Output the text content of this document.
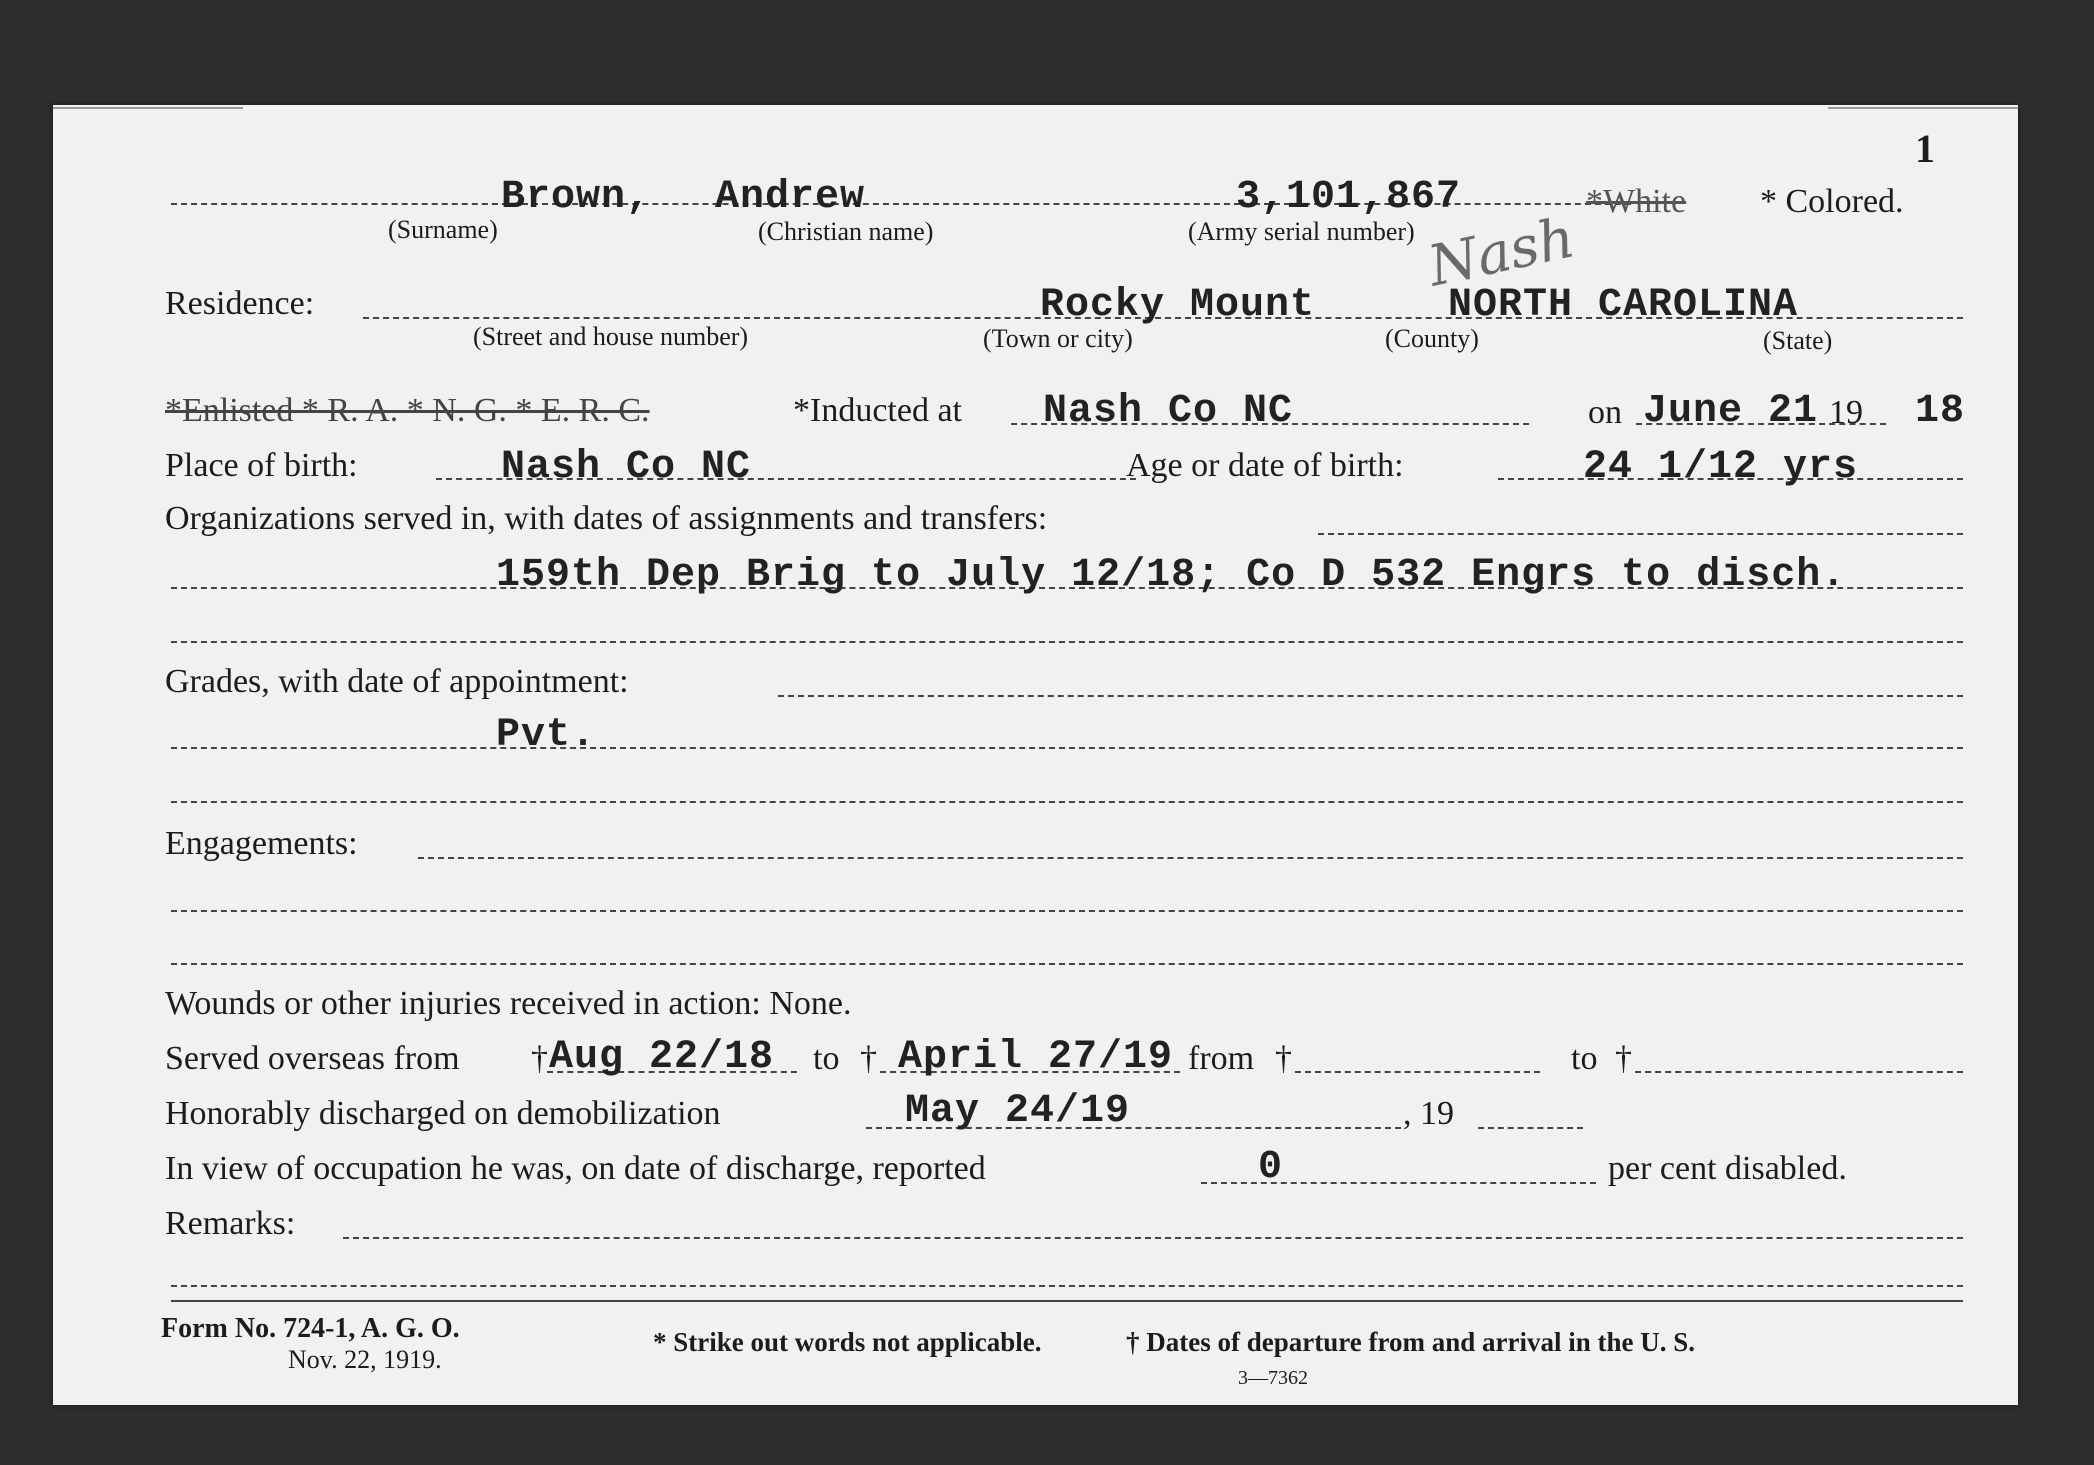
1
Brown, Andrew	3,101,867	*White * Colored.
(Surname)	(Christian name)	(Army serial number)
Residence:	Rocky Mount
Nash
NORTH CAROLINA
(Street and house number)	(Town or city)	(County)	(State)
*Enlisted * R. A. * N. G. * E. R. C.	*Inducted at Nash Co NC	on June 21 19 18
Place of birth:	Nash Co NC	Age or date of birth:	24 1/12 yrs
Organizations served in, with dates of assignments and transfers:
159th Dep Brig to July 12/18; Co D 532 Engrs to disch.
Grades, with date of appointment:
Pvt.
Engagements:
Wounds or other injuries received in action: None.
Served overseas from † Aug 22/18 to † April 27/19 from †	to †
Honorably discharged on demobilization	May 24/19	, 19
In view of occupation he was, on date of discharge, reported	0	per cent disabled.
Remarks:
Form No. 724-1, A. G. O.
Nov. 22, 1919.
* Strike out words not applicable.	† Dates of departure from and arrival in the U. S.
3—7362
